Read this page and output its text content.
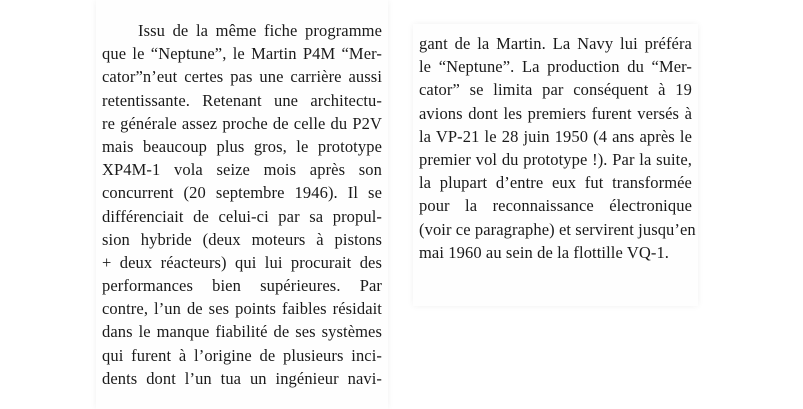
Issu de la même fiche programme
que le “Neptune”, le Martin P4M “Mer-
cator”n’eut certes pas une carrière aussi
retentissante. Retenant une architectu-
re générale assez proche de celle du P2V
mais beaucoup plus gros, le prototype
XP4M-1 vola seize mois après son
concurrent (20 septembre 1946). Il se
différenciait de celui-ci par sa propul-
sion hybride (deux moteurs à pistons
+ deux réacteurs) qui lui procurait des
performances bien supérieures. Par
contre, l’un de ses points faibles résidait
dans le manque fiabilité de ses systèmes
qui furent à l’origine de plusieurs inci-
dents dont l’un tua un ingénieur navi-
gant de la Martin. La Navy lui préféra
le “Neptune”. La production du “Mer-
cator” se limita par conséquent à 19
avions dont les premiers furent versés à
la VP-21 le 28 juin 1950 (4 ans après le
premier vol du prototype !). Par la suite,
la plupart d’entre eux fut transformée
pour la reconnaissance électronique
(voir ce paragraphe) et servirent jusqu’en
mai 1960 au sein de la flottille VQ-1.
